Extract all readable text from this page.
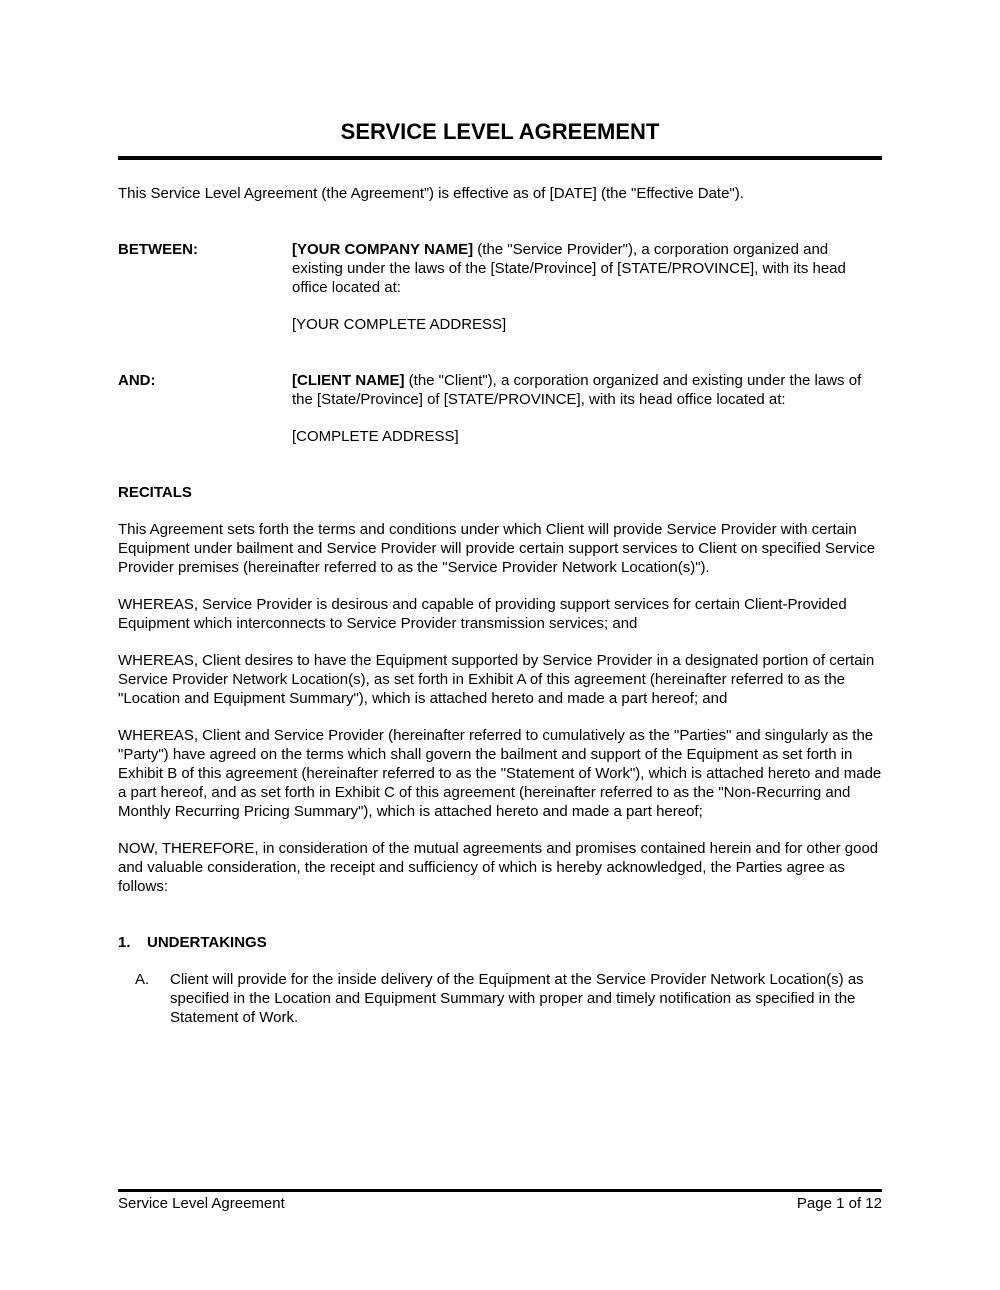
SERVICE LEVEL AGREEMENT

This Service Level Agreement (the Agreement”) is effective as of [DATE] (the "Effective Date").

BETWEEN:	[YOUR COMPANY NAME] (the "Service Provider"), a corporation organized and existing under the laws of the [State/Province] of [STATE/PROVINCE], with its head office located at:

[YOUR COMPLETE ADDRESS]

AND:	[CLIENT NAME] (the "Client"), a corporation organized and existing under the laws of the [State/Province] of [STATE/PROVINCE], with its head office located at:

[COMPLETE ADDRESS]

RECITALS

This Agreement sets forth the terms and conditions under which Client will provide Service Provider with certain Equipment under bailment and Service Provider will provide certain support services to Client on specified Service Provider premises (hereinafter referred to as the "Service Provider Network Location(s)").

WHEREAS, Service Provider is desirous and capable of providing support services for certain Client-Provided Equipment which interconnects to Service Provider transmission services; and

WHEREAS, Client desires to have the Equipment supported by Service Provider in a designated portion of certain Service Provider Network Location(s), as set forth in Exhibit A of this agreement (hereinafter referred to as the "Location and Equipment Summary"), which is attached hereto and made a part hereof; and

WHEREAS, Client and Service Provider (hereinafter referred to cumulatively as the "Parties" and singularly as the "Party") have agreed on the terms which shall govern the bailment and support of the Equipment as set forth in Exhibit B of this agreement (hereinafter referred to as the "Statement of Work"), which is attached hereto and made a part hereof, and as set forth in Exhibit C of this agreement (hereinafter referred to as the "Non-Recurring and Monthly Recurring Pricing Summary"), which is attached hereto and made a part hereof;

NOW, THEREFORE, in consideration of the mutual agreements and promises contained herein and for other good and valuable consideration, the receipt and sufficiency of which is hereby acknowledged, the Parties agree as follows:

1.	UNDERTAKINGS
A.	Client will provide for the inside delivery of the Equipment at the Service Provider Network Location(s) as specified in the Location and Equipment Summary with proper and timely notification as specified in the Statement of Work.

Service Level Agreement	Page 1 of 12
